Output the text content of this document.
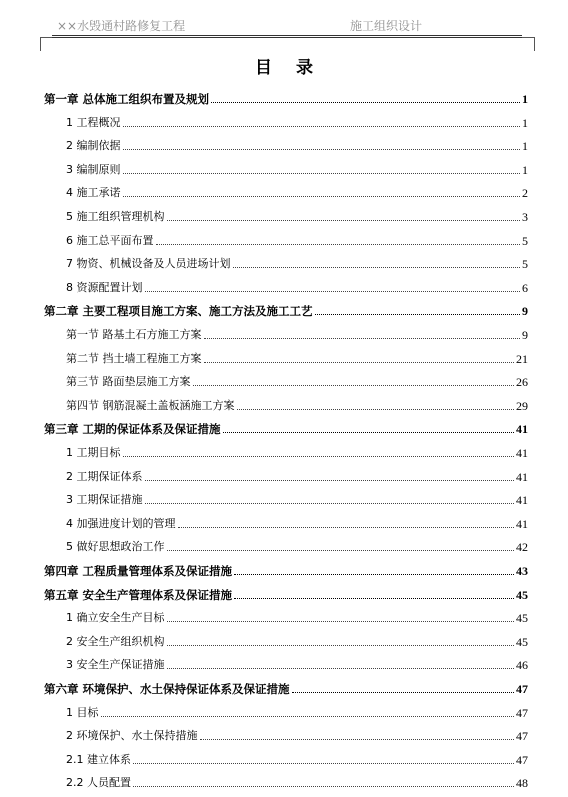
××水毁通村路修复工程	施工组织设计
目录
第一章 总体施工组织布置及规划	1
1 工程概况	1
2 编制依据	1
3 编制原则	1
4 施工承诺	2
5 施工组织管理机构	3
6 施工总平面布置	5
7 物资、机械设备及人员进场计划	5
8 资源配置计划	6
第二章 主要工程项目施工方案、施工方法及施工工艺	9
第一节 路基土石方施工方案	9
第二节 挡土墙工程施工方案	21
第三节 路面垫层施工方案	26
第四节 钢筋混凝土盖板涵施工方案	29
第三章 工期的保证体系及保证措施	41
1 工期目标	41
2 工期保证体系	41
3 工期保证措施	41
4 加强进度计划的管理	41
5 做好思想政治工作	42
第四章 工程质量管理体系及保证措施	43
第五章 安全生产管理体系及保证措施	45
1 确立安全生产目标	45
2 安全生产组织机构	45
3 安全生产保证措施	46
第六章 环境保护、水土保持保证体系及保证措施	47
1 目标	47
2 环境保护、水土保持措施	47
2.1 建立体系	47
2.2 人员配置	48
